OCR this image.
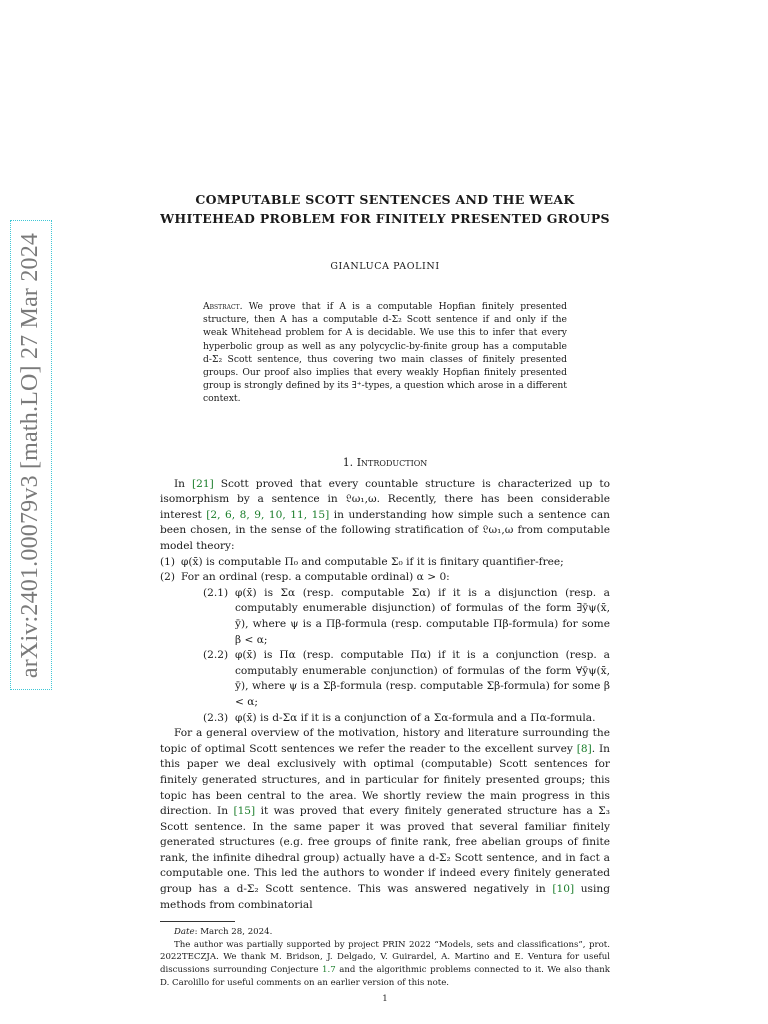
arXiv:2401.00079v3 [math.LO] 27 Mar 2024
COMPUTABLE SCOTT SENTENCES AND THE WEAK
WHITEHEAD PROBLEM FOR FINITELY PRESENTED GROUPS
GIANLUCA PAOLINI
Abstract. We prove that if A is a computable Hopfian finitely presented structure, then A has a computable d-Σ₂ Scott sentence if and only if the weak Whitehead problem for A is decidable. We use this to infer that every hyperbolic group as well as any polycyclic-by-finite group has a computable d-Σ₂ Scott sentence, thus covering two main classes of finitely presented groups. Our proof also implies that every weakly Hopfian finitely presented group is strongly defined by its ∃⁺-types, a question which arose in a different context.
1. Introduction

In [21] Scott proved that every countable structure is characterized up to isomorphism by a sentence in 𝔏ω₁,ω. Recently, there has been considerable interest [2, 6, 8, 9, 10, 11, 15] in understanding how simple such a sentence can been chosen, in the sense of the following stratification of 𝔏ω₁,ω from computable model theory:

(1) φ(x̄) is computable Π₀ and computable Σ₀ if it is finitary quantifier-free;
(2) For an ordinal (resp. a computable ordinal) α > 0:
(2.1) φ(x̄) is Σα (resp. computable Σα) if it is a disjunction (resp. a computably enumerable disjunction) of formulas of the form ∃ȳψ(x̄, ȳ), where ψ is a Πβ-formula (resp. computable Πβ-formula) for some β < α;
(2.2) φ(x̄) is Πα (resp. computable Πα) if it is a conjunction (resp. a computably enumerable conjunction) of formulas of the form ∀ȳψ(x̄, ȳ), where ψ is a Σβ-formula (resp. computable Σβ-formula) for some β < α;
(2.3) φ(x̄) is d-Σα if it is a conjunction of a Σα-formula and a Πα-formula.

For a general overview of the motivation, history and literature surrounding the topic of optimal Scott sentences we refer the reader to the excellent survey [8]. In this paper we deal exclusively with optimal (computable) Scott sentences for finitely generated structures, and in particular for finitely presented groups; this topic has been central to the area. We shortly review the main progress in this direction. In [15] it was proved that every finitely generated structure has a Σ₃ Scott sentence. In the same paper it was proved that several familiar finitely generated structures (e.g. free groups of finite rank, free abelian groups of finite rank, the infinite dihedral group) actually have a d-Σ₂ Scott sentence, and in fact a computable one. This led the authors to wonder if indeed every finitely generated group has a d-Σ₂ Scott sentence. This was answered negatively in [10] using methods from combinatorial

Date: March 28, 2024.

The author was partially supported by project PRIN 2022 “Models, sets and classifications”, prot. 2022TECZJA. We thank M. Bridson, J. Delgado, V. Guirardel, A. Martino and E. Ventura for useful discussions surrounding Conjecture 1.7 and the algorithmic problems connected to it. We also thank D. Carolillo for useful comments on an earlier version of this note.

1
